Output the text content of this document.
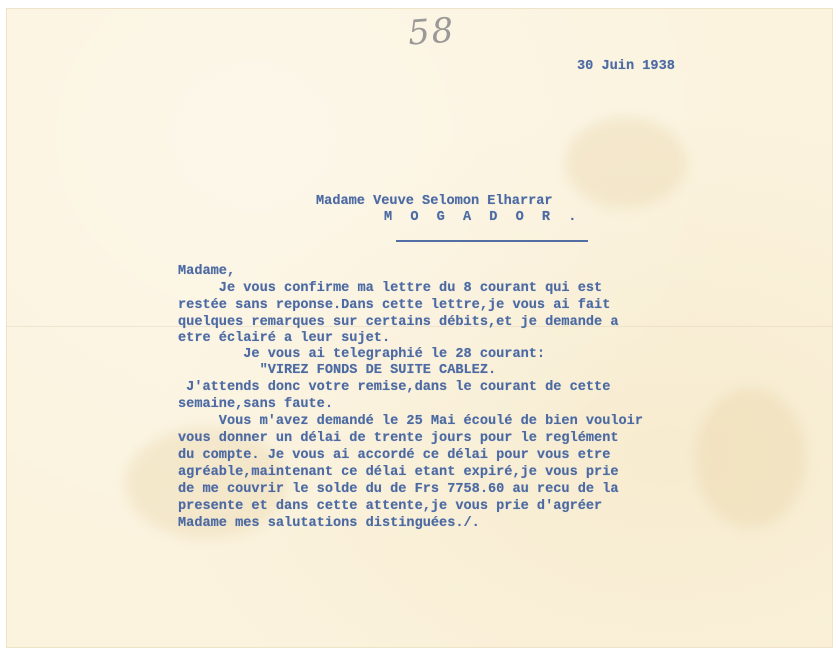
58
30 Juin 1938
Madame Veuve Selomon Elharrar
M O G A D O R .
Madame,
Je vous confirme ma lettre du 8 courant qui est
restée sans reponse.Dans cette lettre,je vous ai fait
quelques remarques sur certains débits,et je demande a
etre éclairé a leur sujet.
Je vous ai telegraphié le 28 courant:
"VIREZ FONDS DE SUITE CABLEZ.
J'attends donc votre remise,dans le courant de cette
semaine,sans faute.
Vous m'avez demandé le 25 Mai écoulé de bien vouloir
vous donner un délai de trente jours pour le reglément
du compte. Je vous ai accordé ce délai pour vous etre
agréable,maintenant ce délai etant expiré,je vous prie
de me couvrir le solde du de Frs 7758.60 au recu de la
presente et dans cette attente,je vous prie d'agréer
Madame mes salutations distinguées./.
